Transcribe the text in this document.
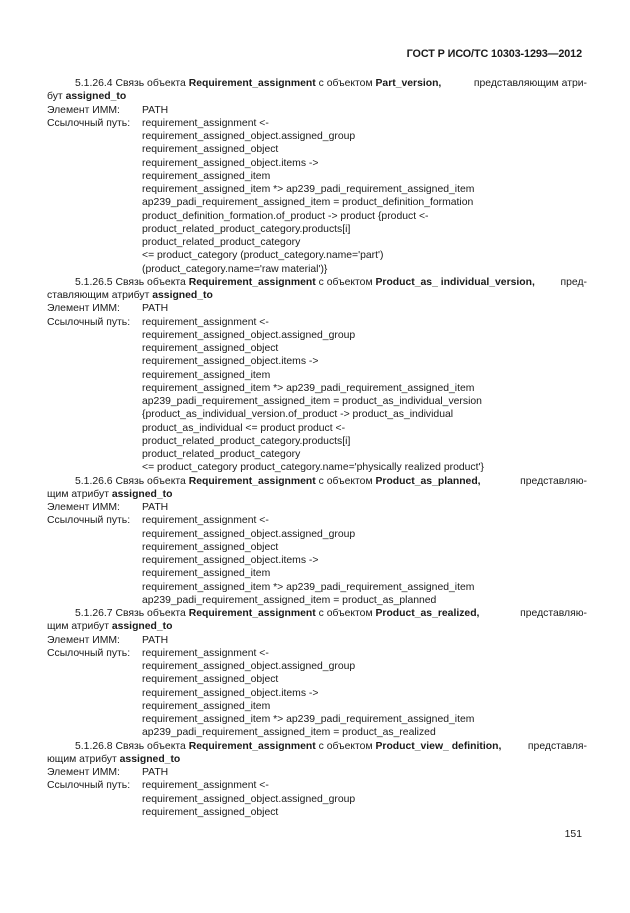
ГОСТ Р ИСО/ТС 10303-1293—2012
5.1.26.4 Связь объекта Requirement_assignment с объектом Part_version,	представляющим атри-
бут assigned_to
Элемент ИММ:	PATH
Ссылочный путь:	requirement_assignment <-
requirement_assigned_object.assigned_group
requirement_assigned_object
requirement_assigned_object.items ->
requirement_assigned_item
requirement_assigned_item *> ap239_padi_requirement_assigned_item
ap239_padi_requirement_assigned_item = product_definition_formation
product_definition_formation.of_product -> product {product <-
product_related_product_category.products[i]
product_related_product_category
<= product_category (product_category.name='part')
(product_category.name='raw material')}
5.1.26.5 Связь объекта Requirement_assignment с объектом Product_as_ individual_version, пред-
ставляющим атрибут assigned_to
Элемент ИММ:	PATH
Ссылочный путь:	requirement_assignment <-
requirement_assigned_object.assigned_group
requirement_assigned_object
requirement_assigned_object.items ->
requirement_assigned_item
requirement_assigned_item *> ap239_padi_requirement_assigned_item
ap239_padi_requirement_assigned_item = product_as_individual_version
{product_as_individual_version.of_product -> product_as_individual
product_as_individual <= product product <-
product_related_product_category.products[i]
product_related_product_category
<= product_category product_category.name='physically realized product'}
5.1.26.6 Связь объекта Requirement_assignment с объектом Product_as_planned,	представляю-
щим атрибут assigned_to
Элемент ИММ:	PATH
Ссылочный путь:	requirement_assignment <-
requirement_assigned_object.assigned_group
requirement_assigned_object
requirement_assigned_object.items ->
requirement_assigned_item
requirement_assigned_item *> ap239_padi_requirement_assigned_item
ap239_padi_requirement_assigned_item = product_as_planned
5.1.26.7 Связь объекта Requirement_assignment с объектом Product_as_realized,	представляю-
щим атрибут assigned_to
Элемент ИММ:	PATH
Ссылочный путь:	requirement_assignment <-
requirement_assigned_object.assigned_group
requirement_assigned_object
requirement_assigned_object.items ->
requirement_assigned_item
requirement_assigned_item *> ap239_padi_requirement_assigned_item
ap239_padi_requirement_assigned_item = product_as_realized
5.1.26.8 Связь объекта Requirement_assignment с объектом Product_view_ definition,	представля-
ющим атрибут assigned_to
Элемент ИММ:	PATH
Ссылочный путь:	requirement_assignment <-
requirement_assigned_object.assigned_group
requirement_assigned_object
151
